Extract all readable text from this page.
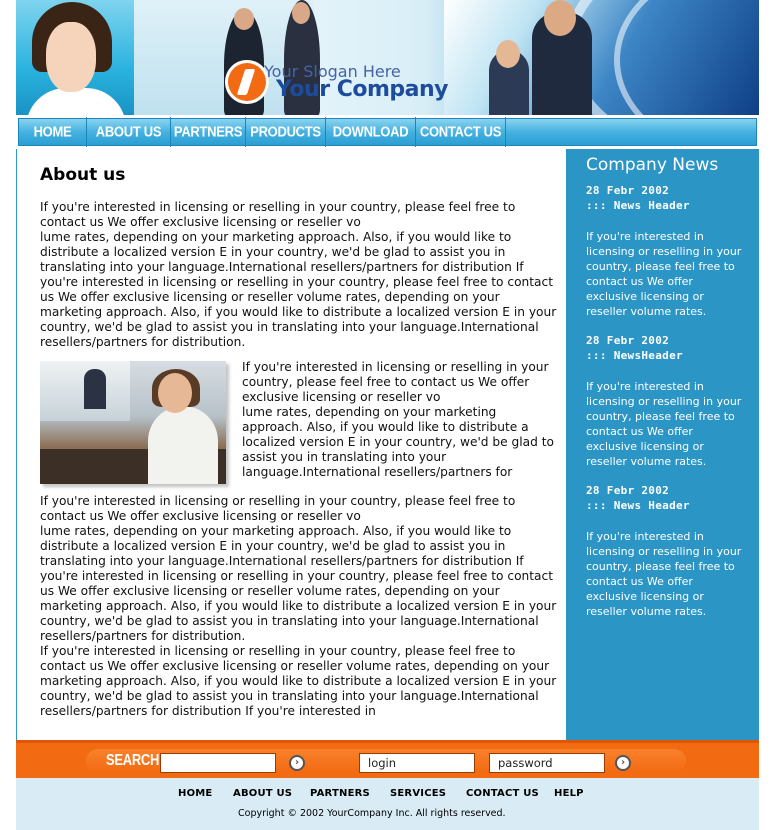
Your Slogan Here
Your Company
HOME	ABOUT US PARTNERS PRODUCTS DOWNLOAD CONTACT US
About us
If you're interested in licensing or reselling in your country, please feel free to contact us We offer exclusive licensing or reseller vo
lume rates, depending on your marketing approach. Also, if you would like to distribute a localized version E in your country, we'd be glad to assist you in translating into your language.International resellers/partners for distribution If you're interested in licensing or reselling in your country, please feel free to contact us We offer exclusive licensing or reseller volume rates, depending on your marketing approach. Also, if you would like to distribute a localized version E in your country, we'd be glad to assist you in translating into your language.International resellers/partners for distribution.
If you're interested in licensing or reselling in your country, please feel free to contact us We offer exclusive licensing or reseller vo
lume rates, depending on your marketing approach. Also, if you would like to distribute a localized version E in your country, we'd be glad to assist you in translating into your language.International resellers/partners for
If you're interested in licensing or reselling in your country, please feel free to contact us We offer exclusive licensing or reseller vo
lume rates, depending on your marketing approach. Also, if you would like to distribute a localized version E in your country, we'd be glad to assist you in translating into your language.International resellers/partners for distribution If you're interested in licensing or reselling in your country, please feel free to contact us We offer exclusive licensing or reseller volume rates, depending on your marketing approach. Also, if you would like to distribute a localized version E in your country, we'd be glad to assist you in translating into your language.International resellers/partners for distribution.
If you're interested in licensing or reselling in your country, please feel free to contact us We offer exclusive licensing or reseller volume rates, depending on your marketing approach. Also, if you would like to distribute a localized version E in your country, we'd be glad to assist you in translating into your language.International resellers/partners for distribution If you're interested in
Company News
28 Febr 2002
::: News Header
If you're interested in licensing or reselling in your country, please feel free to contact us We offer exclusive licensing or reseller volume rates.
28 Febr 2002
::: NewsHeader
If you're interested in licensing or reselling in your country, please feel free to contact us We offer exclusive licensing or reseller volume rates.
28 Febr 2002
::: News Header
If you're interested in licensing or reselling in your country, please feel free to contact us We offer exclusive licensing or reseller volume rates.
SEARCH	›	login	password	›
HOME ABOUT US PARTNERS SERVICES CONTACT US HELP
Copyright © 2002 YourCompany Inc. All rights reserved.
